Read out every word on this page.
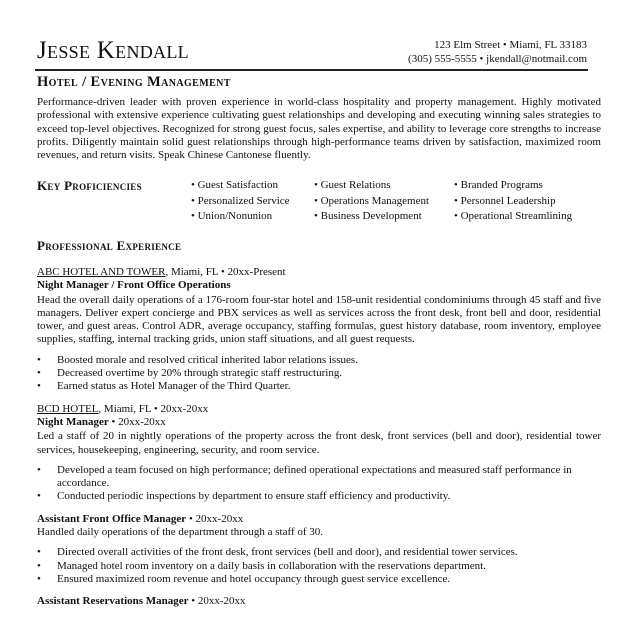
Jesse Kendall	123 Elm Street • Miami, FL 33183
(305) 555-5555 • jkendall@notmail.com
Hotel / Evening Management

Performance-driven leader with proven experience in world-class hospitality and property management. Highly motivated professional with extensive experience cultivating guest relationships and developing and executing winning sales strategies to exceed top-level objectives. Recognized for strong guest focus, sales expertise, and ability to leverage core strengths to increase profits. Diligently maintain solid guest relationships through high-performance teams driven by satisfaction, maximized room revenues, and return visits. Speak Chinese Cantonese fluently.

Key Proficiencies
•	Guest Satisfaction
• Personalized Service
• Union/Nonunion
• Guest Relations
• Operations Management
• Business Development
• Branded Programs
• Personnel Leadership
• Operational Streamlining
Professional Experience
ABC HOTEL AND TOWER, Miami, FL • 20xx-Present
Night Manager / Front Office Operations

Head the overall daily operations of a 176-room four-star hotel and 158-unit residential condominiums through 45 staff and five managers. Deliver expert concierge and PBX services as well as services across the front desk, front bell and door, residential tower, and guest areas. Control ADR, average occupancy, staffing formulas, guest history database, room inventory, employee supplies, staffing, internal tracking grids, union staff situations, and all guest requests.

• Boosted morale and resolved critical inherited labor relations issues.
• Decreased overtime by 20% through strategic staff restructuring.
• Earned status as Hotel Manager of the Third Quarter.
BCD HOTEL, Miami, FL • 20xx-20xx
Night Manager • 20xx-20xx

Led a staff of 20 in nightly operations of the property across the front desk, front services (bell and door), residential tower services, housekeeping, engineering, security, and room service.

• Developed a team focused on high performance; defined operational expectations and measured staff performance in accordance.
• Conducted periodic inspections by department to ensure staff efficiency and productivity.
Assistant Front Office Manager • 20xx-20xx

Handled daily operations of the department through a staff of 30.

• Directed overall activities of the front desk, front services (bell and door), and residential tower services.
• Managed hotel room inventory on a daily basis in collaboration with the reservations department.
• Ensured maximized room revenue and hotel occupancy through guest service excellence.
Assistant Reservations Manager • 20xx-20xx
